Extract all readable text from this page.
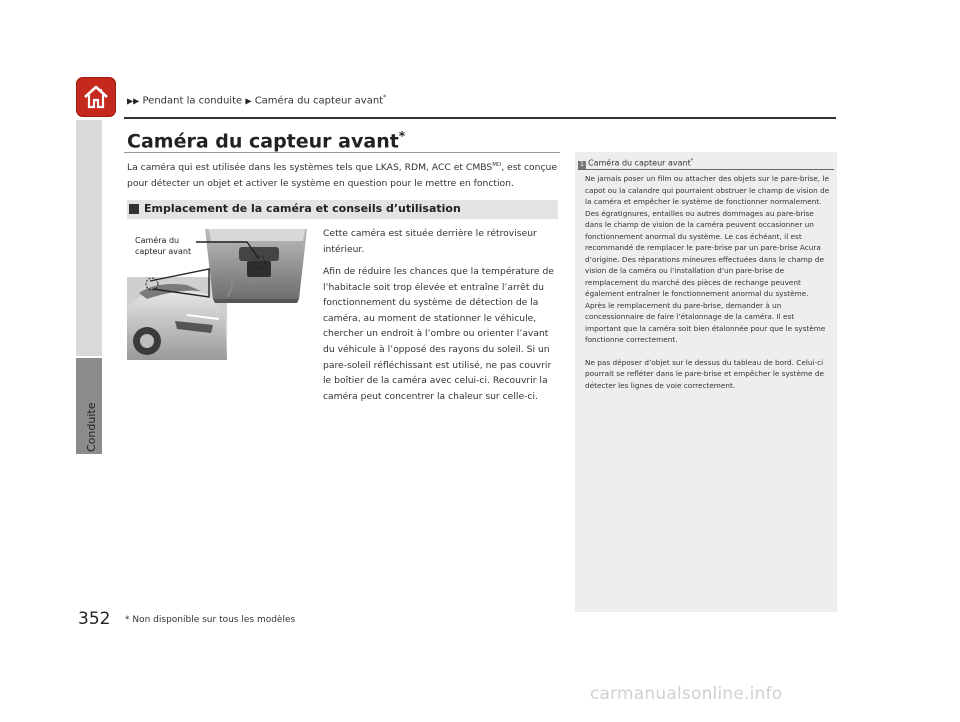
Conduite
▶▶ Pendant la conduite ▶ Caméra du capteur avant*
Caméra du capteur avant*
La caméra qui est utilisée dans les systèmes tels que LKAS, RDM, ACC et $CMBS^{MD}$, est conçue pour détecter un objet et activer le système en question pour le mettre en fonction.
Emplacement de la caméra et conseils d’utilisation
Caméra du
capteur avant
Cette caméra est située derrière le rétroviseur intérieur.
Afin de réduire les chances que la température de l’habitacle soit trop élevée et entraîne l’arrêt du fonctionnement du système de détection de la caméra, au moment de stationner le véhicule, chercher un endroit à l’ombre ou orienter l’avant du véhicule à l’opposé des rayons du soleil. Si un pare-soleil réfléchissant est utilisé, ne pas couvrir le boîtier de la caméra avec celui-ci. Recouvrir la caméra peut concentrer la chaleur sur celle-ci.
1 Caméra du capteur avant*
Ne jamais poser un film ou attacher des objets sur le pare-brise, le capot ou la calandre qui pourraient obstruer le champ de vision de la caméra et empêcher le système de fonctionner normalement.
Des égratignures, entailles ou autres dommages au pare-brise dans le champ de vision de la caméra peuvent occasionner un fonctionnement anormal du système. Le cas échéant, il est recommandé de remplacer le pare-brise par un pare-brise Acura d’origine. Des réparations mineures effectuées dans le champ de vision de la caméra ou l’installation d’un pare-brise de remplacement du marché des pièces de rechange peuvent également entraîner le fonctionnement anormal du système.

Après le remplacement du pare-brise, demander à un concessionnaire de faire l’étalonnage de la caméra. Il est important que la caméra soit bien étalonnée pour que le système fonctionne correctement.

Ne pas déposer d’objet sur le dessus du tableau de bord. Celui-ci pourrait se refléter dans le pare-brise et empêcher le système de détecter les lignes de voie correctement.
352 * Non disponible sur tous les modèles
carmanualsonline.info
